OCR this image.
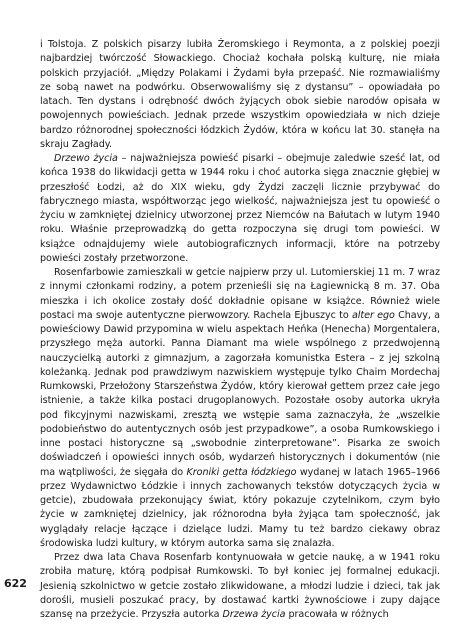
i Tolstoja. Z polskich pisarzy lubiła Żeromskiego i Reymonta, a z polskiej poezji najbardziej twórczość Słowackiego. Chociaż kochała polską kulturę, nie miała polskich przyjaciół. „Między Polakami i Żydami była przepaść. Nie rozmawialiśmy ze sobą nawet na podwórku. Obserwowaliśmy się z dystansu” – opowiadała po latach. Ten dystans i odrębność dwóch żyjących obok siebie narodów opisała w powojennych powieściach. Jednak przede wszystkim opowiedziała w nich dzieje bardzo różnorodnej społeczności łódzkich Żydów, która w końcu lat 30. stanęła na skraju Zagłady.

Drzewo życia – najważniejsza powieść pisarki – obejmuje zaledwie sześć lat, od końca 1938 do likwidacji getta w 1944 roku i choć autorka sięga znacznie głębiej w przeszłość Łodzi, aż do XIX wieku, gdy Żydzi zaczęli licznie przybywać do fabrycznego miasta, współtworząc jego wielkość, najważniejsza jest tu opowieść o życiu w zamkniętej dzielnicy utworzonej przez Niemców na Bałutach w lutym 1940 roku. Właśnie przeprowadzką do getta rozpoczyna się drugi tom powieści. W książce odnajdujemy wiele autobiograficznych informacji, które na potrzeby powieści zostały przetworzone.

Rosenfarbowie zamieszkali w getcie najpierw przy ul. Lutomierskiej 11 m. 7 wraz z innymi członkami rodziny, a potem przenieśli się na Łagiewnicką 8 m. 37. Oba mieszka i ich okolice zostały dość dokładnie opisane w książce. Również wiele postaci ma swoje autentyczne pierwowzory. Rachela Ejbuszyc to alter ego Chavy, a powieściowy Dawid przypomina w wielu aspektach Heńka (Henecha) Morgentalera, przyszłego męża autorki. Panna Diamant ma wiele wspólnego z przedwojenną nauczycielką autorki z gimnazjum, a zagorzała komunistka Estera – z jej szkolną koleżanką. Jednak pod prawdziwym nazwiskiem występuje tylko Chaim Mordechaj Rumkowski, Przełożony Starszeństwa Żydów, który kierował gettem przez całe jego istnienie, a także kilka postaci drugoplanowych. Pozostałe osoby autorka ukryła pod fikcyjnymi nazwiskami, zresztą we wstępie sama zaznaczyła, że „wszelkie podobieństwo do autentycznych osób jest przypadkowe”, a osoba Rumkowskiego i inne postaci historyczne są „swobodnie zinterpretowane”. Pisarka ze swoich doświadczeń i opowieści innych osób, wydarzeń historycznych i dokumentów (nie ma wątpliwości, że sięgała do Kroniki getta łódzkiego wydanej w latach 1965–1966 przez Wydawnictwo Łódzkie i innych zachowanych tekstów dotyczących życia w getcie), zbudowała przekonujący świat, który pokazuje czytelnikom, czym było życie w zamkniętej dzielnicy, jak różnorodna była żyjąca tam społeczność, jak wyglądały relacje łączące i dzielące ludzi. Mamy tu też bardzo ciekawy obraz środowiska ludzi kultury, w którym autorka sama się znalazła.

Przez dwa lata Chava Rosenfarb kontynuowała w getcie naukę, a w 1941 roku zrobiła maturę, którą podpisał Rumkowski. To był koniec jej formalnej edukacji. Jesienią szkolnictwo w getcie zostało zlikwidowane, a młodzi ludzie i dzieci, tak jak dorośli, musieli poszukać pracy, by dostawać kartki żywnościowe i zupy dające szansę na przeżycie. Przyszła autorka Drzewa życia pracowała w różnych

622
